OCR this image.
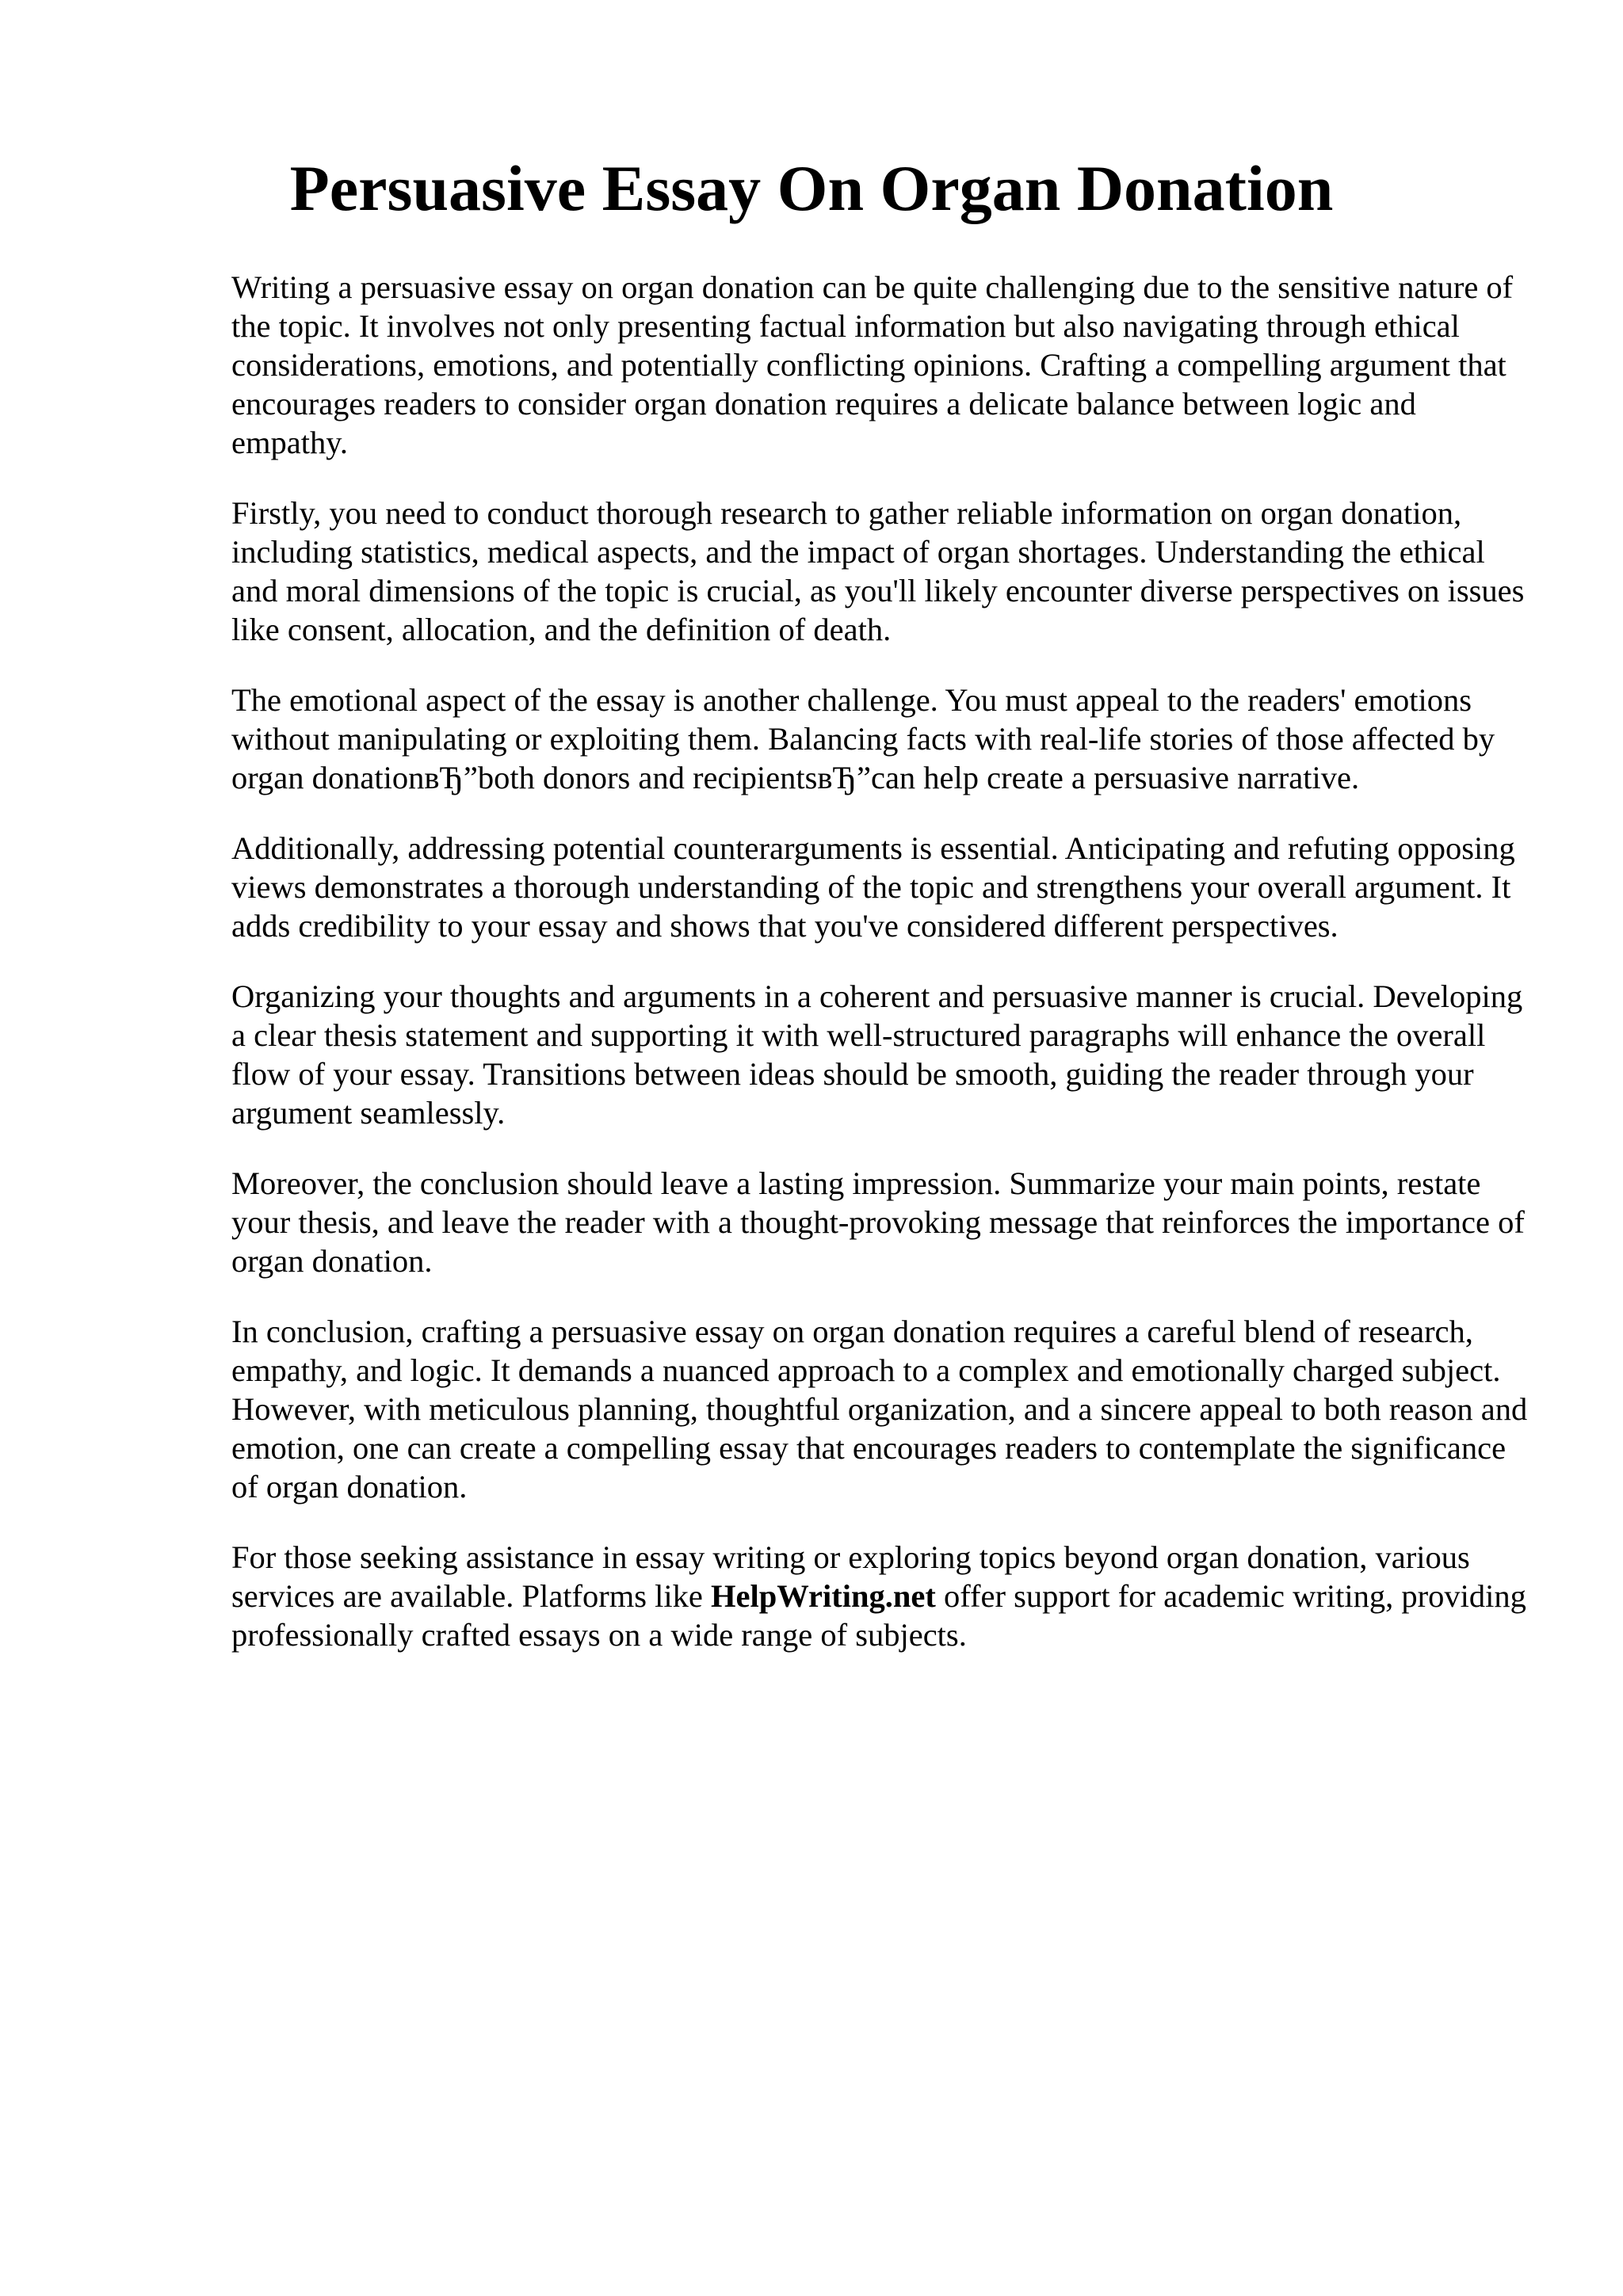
Persuasive Essay On Organ Donation

Writing a persuasive essay on organ donation can be quite challenging due to the sensitive nature of the topic. It involves not only presenting factual information but also navigating through ethical considerations, emotions, and potentially conflicting opinions. Crafting a compelling argument that encourages readers to consider organ donation requires a delicate balance between logic and empathy.

Firstly, you need to conduct thorough research to gather reliable information on organ donation, including statistics, medical aspects, and the impact of organ shortages. Understanding the ethical and moral dimensions of the topic is crucial, as you'll likely encounter diverse perspectives on issues like consent, allocation, and the definition of death.

The emotional aspect of the essay is another challenge. You must appeal to the readers' emotions without manipulating or exploiting them. Balancing facts with real-life stories of those affected by organ donationвЂ”both donors and recipientsвЂ”can help create a persuasive narrative.

Additionally, addressing potential counterarguments is essential. Anticipating and refuting opposing views demonstrates a thorough understanding of the topic and strengthens your overall argument. It adds credibility to your essay and shows that you've considered different perspectives.

Organizing your thoughts and arguments in a coherent and persuasive manner is crucial. Developing a clear thesis statement and supporting it with well-structured paragraphs will enhance the overall flow of your essay. Transitions between ideas should be smooth, guiding the reader through your argument seamlessly.

Moreover, the conclusion should leave a lasting impression. Summarize your main points, restate your thesis, and leave the reader with a thought-provoking message that reinforces the importance of organ donation.

In conclusion, crafting a persuasive essay on organ donation requires a careful blend of research, empathy, and logic. It demands a nuanced approach to a complex and emotionally charged subject. However, with meticulous planning, thoughtful organization, and a sincere appeal to both reason and emotion, one can create a compelling essay that encourages readers to contemplate the significance of organ donation.

For those seeking assistance in essay writing or exploring topics beyond organ donation, various services are available. Platforms like HelpWriting.net offer support for academic writing, providing professionally crafted essays on a wide range of subjects.
